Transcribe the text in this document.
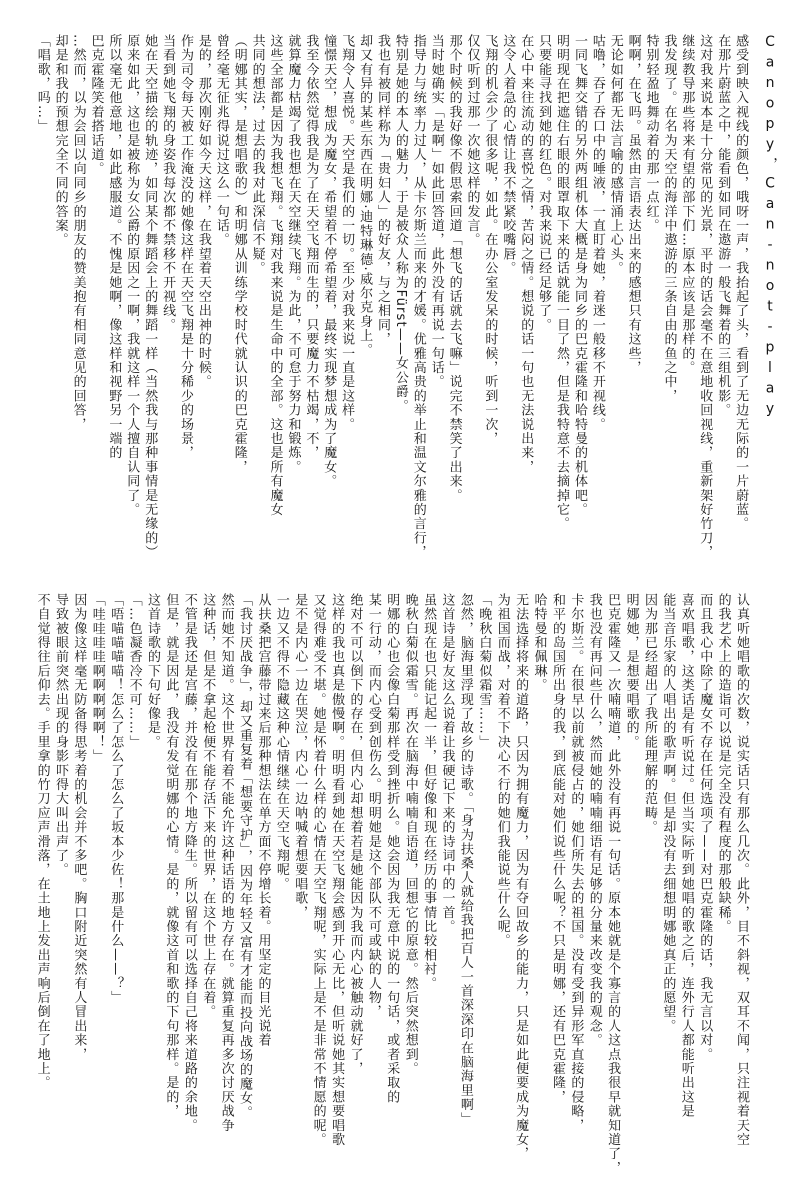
Canopy，Can-not-play

感受到映入视线的颜色，哦呀一声，我抬起了头，看到了无边无际的一片蔚蓝。

在那片蔚蓝之中，能看到如同在遨游一般飞舞着的三组机影。

这对我来说本是十分常见的光景，平时的话会毫不在意地收回视线，重新架好竹刀，

继续教导那些将来有望的部下们…原本应该是那样的。

我发现了。在名为天空的海洋中遨游的三条自由的鱼之中，

特别轻盈地舞动着的那一点红。

啊啊，在飞吗。虽然由言语表达出来的感想只有这些，

无论如何都无法言喻的感情涌上心头。

咕噜，吞了吞口中的唾液，一直盯着她，着迷一般移不开视线。

一同飞舞交错的另外两组机体大概是身为同乡的巴克霍隆和哈特曼的机体吧。

明明现在把遮住右眼的眼罩取下来的话就能一目了然，但是我特意不去摘掉它。

只要能寻找到她的红色。对我来说已经足够了。

在心中来往流动的喜悦之情，苦闷之情。想说的话一句也无法说出来，

这令人着急的心情让我不禁紧咬嘴唇。

飞翔的机会少了很多呢，如此。在办公室发呆的时候，听到一次，

仅仅听到过那一次她这样的发言。

那个时候的我好像不假思索回道「想飞的话就去飞嘛」说完不禁笑了出来。

当时她确实「是啊」如此回答道，此外没有再说一句话。

指导力与统率力过人，从卡尔斯兰而来的才媛。优雅高贵的举止和温文尔雅的言行，

特别是她的本人的魅力，于是被众人称为Fürst——女公爵。

我也有被同样称为「贵妇人」的好友，与之相同，

却又有异的某些东西在明娜·迪特琳德·威尔克身上。

飞翔令人喜悦。天空是我们的一切。至少对我来说一直是这样。

憧憬天空，想成为魔女，希望着不停希望着，最终实现梦想成为了魔女。

我至今依然觉得我是为了在天空飞翔而生的，只要魔力不枯竭，不，

就算魔力枯竭了我也想在天空继续飞翔。为此，不可怠于努力和锻炼。

这些全部都是因为我想飞翔。飞翔对我来说是生命中的全部。这也是所有魔女

共同的想法，过去的我对此深信不疑。

（明娜其实，是想唱歌的）和明娜从训练学校时代就认识的巴克霍隆，

曾经毫无征兆得说过这么一句话。

是的，那次刚好如今天这样，在我望着天空出神的时候。

作为司令每天被工作淹没的她像这样在天空飞翔是十分稀少的场景，

当看到她飞翔的身姿我每次都不禁移不开视线。

她在天空描绘的轨迹，如同某个舞蹈会上的舞蹈一样（当然我与那种事情是无缘的）

原来如此，这也是被称为女公爵的原因之一啊，我就这样一个人擅自认同了。

所以毫无他意地，如此感服道。不愧是她啊，像这样和视野另一端的

巴克霍隆笑着搭话道。

…然而，以为会回以向同乡的朋友的赞美抱有相同意见的回答，

却是和我的预想完全不同的答案。

「唱歌，吗…」

认真听她唱歌的次数，说实话只有那么几次。此外，目不斜视，双耳不闻，只注视着天空

的我艺术上的造诣可以说是完全没有程度的那般缺稀。

而且我心中除了魔女不存在任何选项了——对巴克霍隆的话，我无言以对。

喜欢唱歌，这类话是有听说过。但当实际听到她唱的歌之后，连外行人都能听出这是

能当音乐家的人唱出的歌声啊。但是却没有去细想明娜她真正的愿望。

因为那已经超出了我所能理解的范畴。

明娜她，是想要唱歌的。

巴克霍隆又一次喃喃道，此外没有再说一句话。原本她就是个寡言的人这点我很早就知道了，

我也没有再问些什么，然而她的喃喃细语有足够的分量来改变我的观念。

卡尔斯兰。在很早以前就被侵占的，她们所失去的祖国。没有受到异形军直接的侵略，

和平的岛国所出身的我，到底能对她们说些什么呢？不只是明娜，还有巴克霍隆，

哈特曼和佩琳。

无法选择将来的道路，只因为拥有魔力，因为有夺回故乡的能力，只是如此便要成为魔女，

为祖国而战，对着不下决心不行的她们我能说些什么呢。

「晚秋白菊似霜雪……」

忽然，脑海里浮现了故乡的诗歌。「身为扶桑人就给我把百人一首深深印在脑海里啊」

这首诗是好友这么说着让我硬记下来的诗词中的一首。

虽然现在也只能记起一半，但好像和现在经历的事情比较相衬。

晚秋白菊似霜雪。再次在脑海中喃喃自语道，回想它的原意。然后突然想到。

明娜的心也会像白菊那样受到挫折么。她会因为我无意中说的一句话，或者采取的

某一行动，而内心受到创伤么。明明她是这个部队不可或缺的人物，

绝对不可以倒下的存在，但内心却想着若是她能因为我而内心被触动就好了，

这样的我也真是傲慢啊。明明看到她在天空飞翔会感到开心无比，但听说她其实想要唱歌

又觉得难受不堪。她是怀着什么样的心情在天空飞翔呢，实际上是不是非常不情愿的呢。

是不是内心一边在哭泣，内心一边呐喊着想要唱歌，

一边又不得不隐藏这种心情继续在天空飞翔呢。

从扶桑把宫藤带过来后那种想法在单方面不停增长着。用坚定的目光说着

「我讨厌战争」，却又重复着「想要守护」，因为年轻又富有才能而投向战场的魔女。

然而她不知道。这个世界有着不能允许这种话语的地方存在。就算重复再多次讨厌战争

这种话，但是不拿起枪便不能存活下来的世界，在这个世上存在着。

不管是我还是宫藤，并没有在那个地方降生。所以留有可以选择自己将来道路的余地。

但是，就是因此，我没有发觉明娜的心情。是的，就像这首和歌的下句那样。是的，

这首诗歌的下句好像是。

「…色凝香冷不可……」

「唔喵喵喵喵！怎么了怎么了怎么了坂本少佐！那是什么——？」

「哇哇哇哇啊啊啊啊啊！」

因为像这样毫无防备得思考着的机会并不多吧。胸口附近突然有人冒出来，

导致被眼前突然出现的身影吓得大叫出声了。

不自觉得往后仰去。手里拿的竹刀应声滑落，在土地上发出声响后倒在了地上。
